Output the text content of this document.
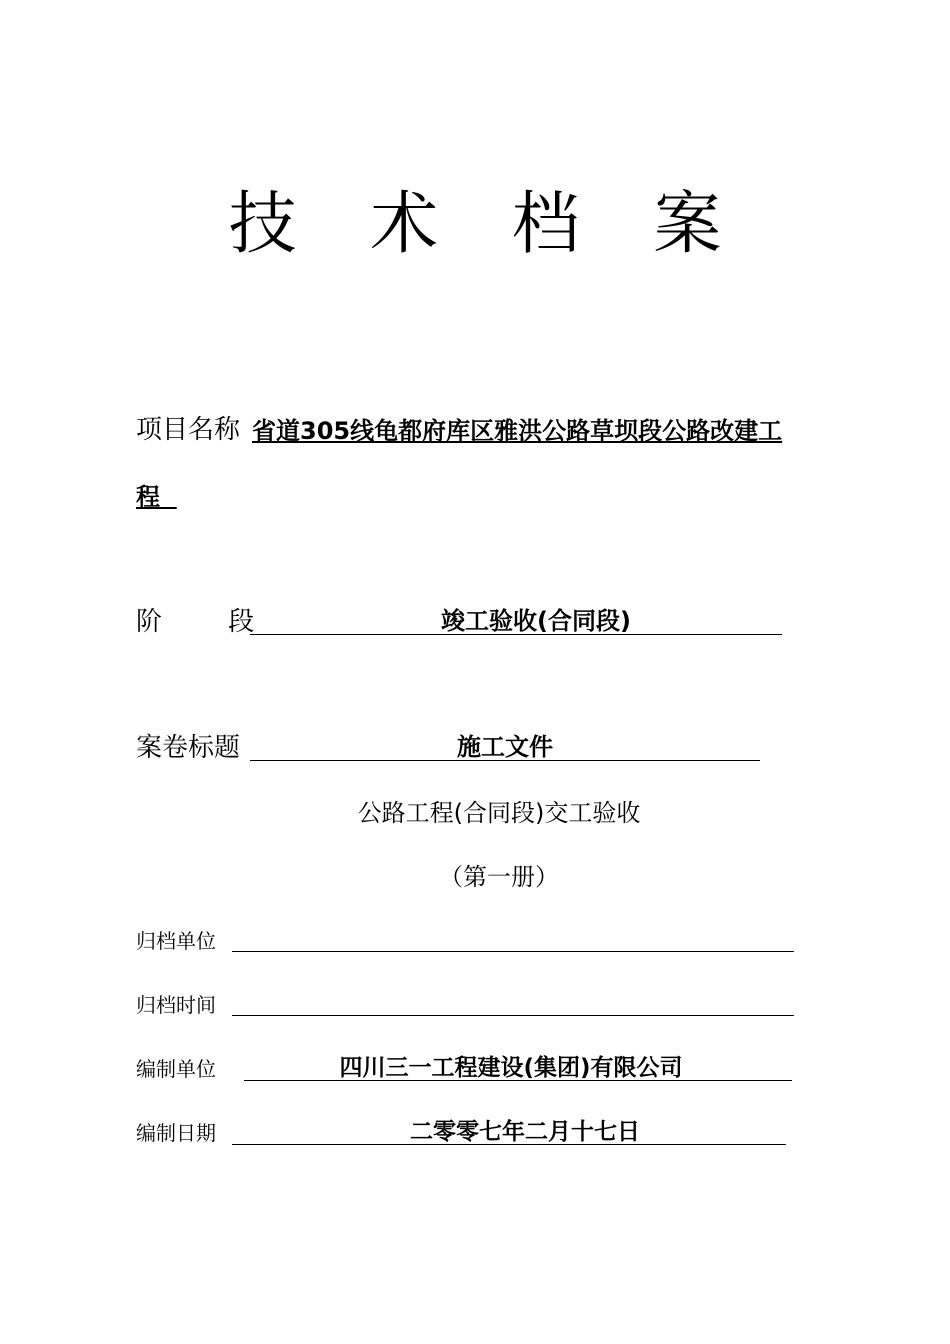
技 术 档 案
项目名称 省道305线龟都府库区雅洪公路草坝段公路改建工
程
阶        段	竣工验收(合同段)
案卷标题	施工文件
公路工程(合同段)交工验收
（第一册）
归档单位
归档时间
编制单位	四川三一工程建设(集团)有限公司
编制日期	二零零七年二月十七日
